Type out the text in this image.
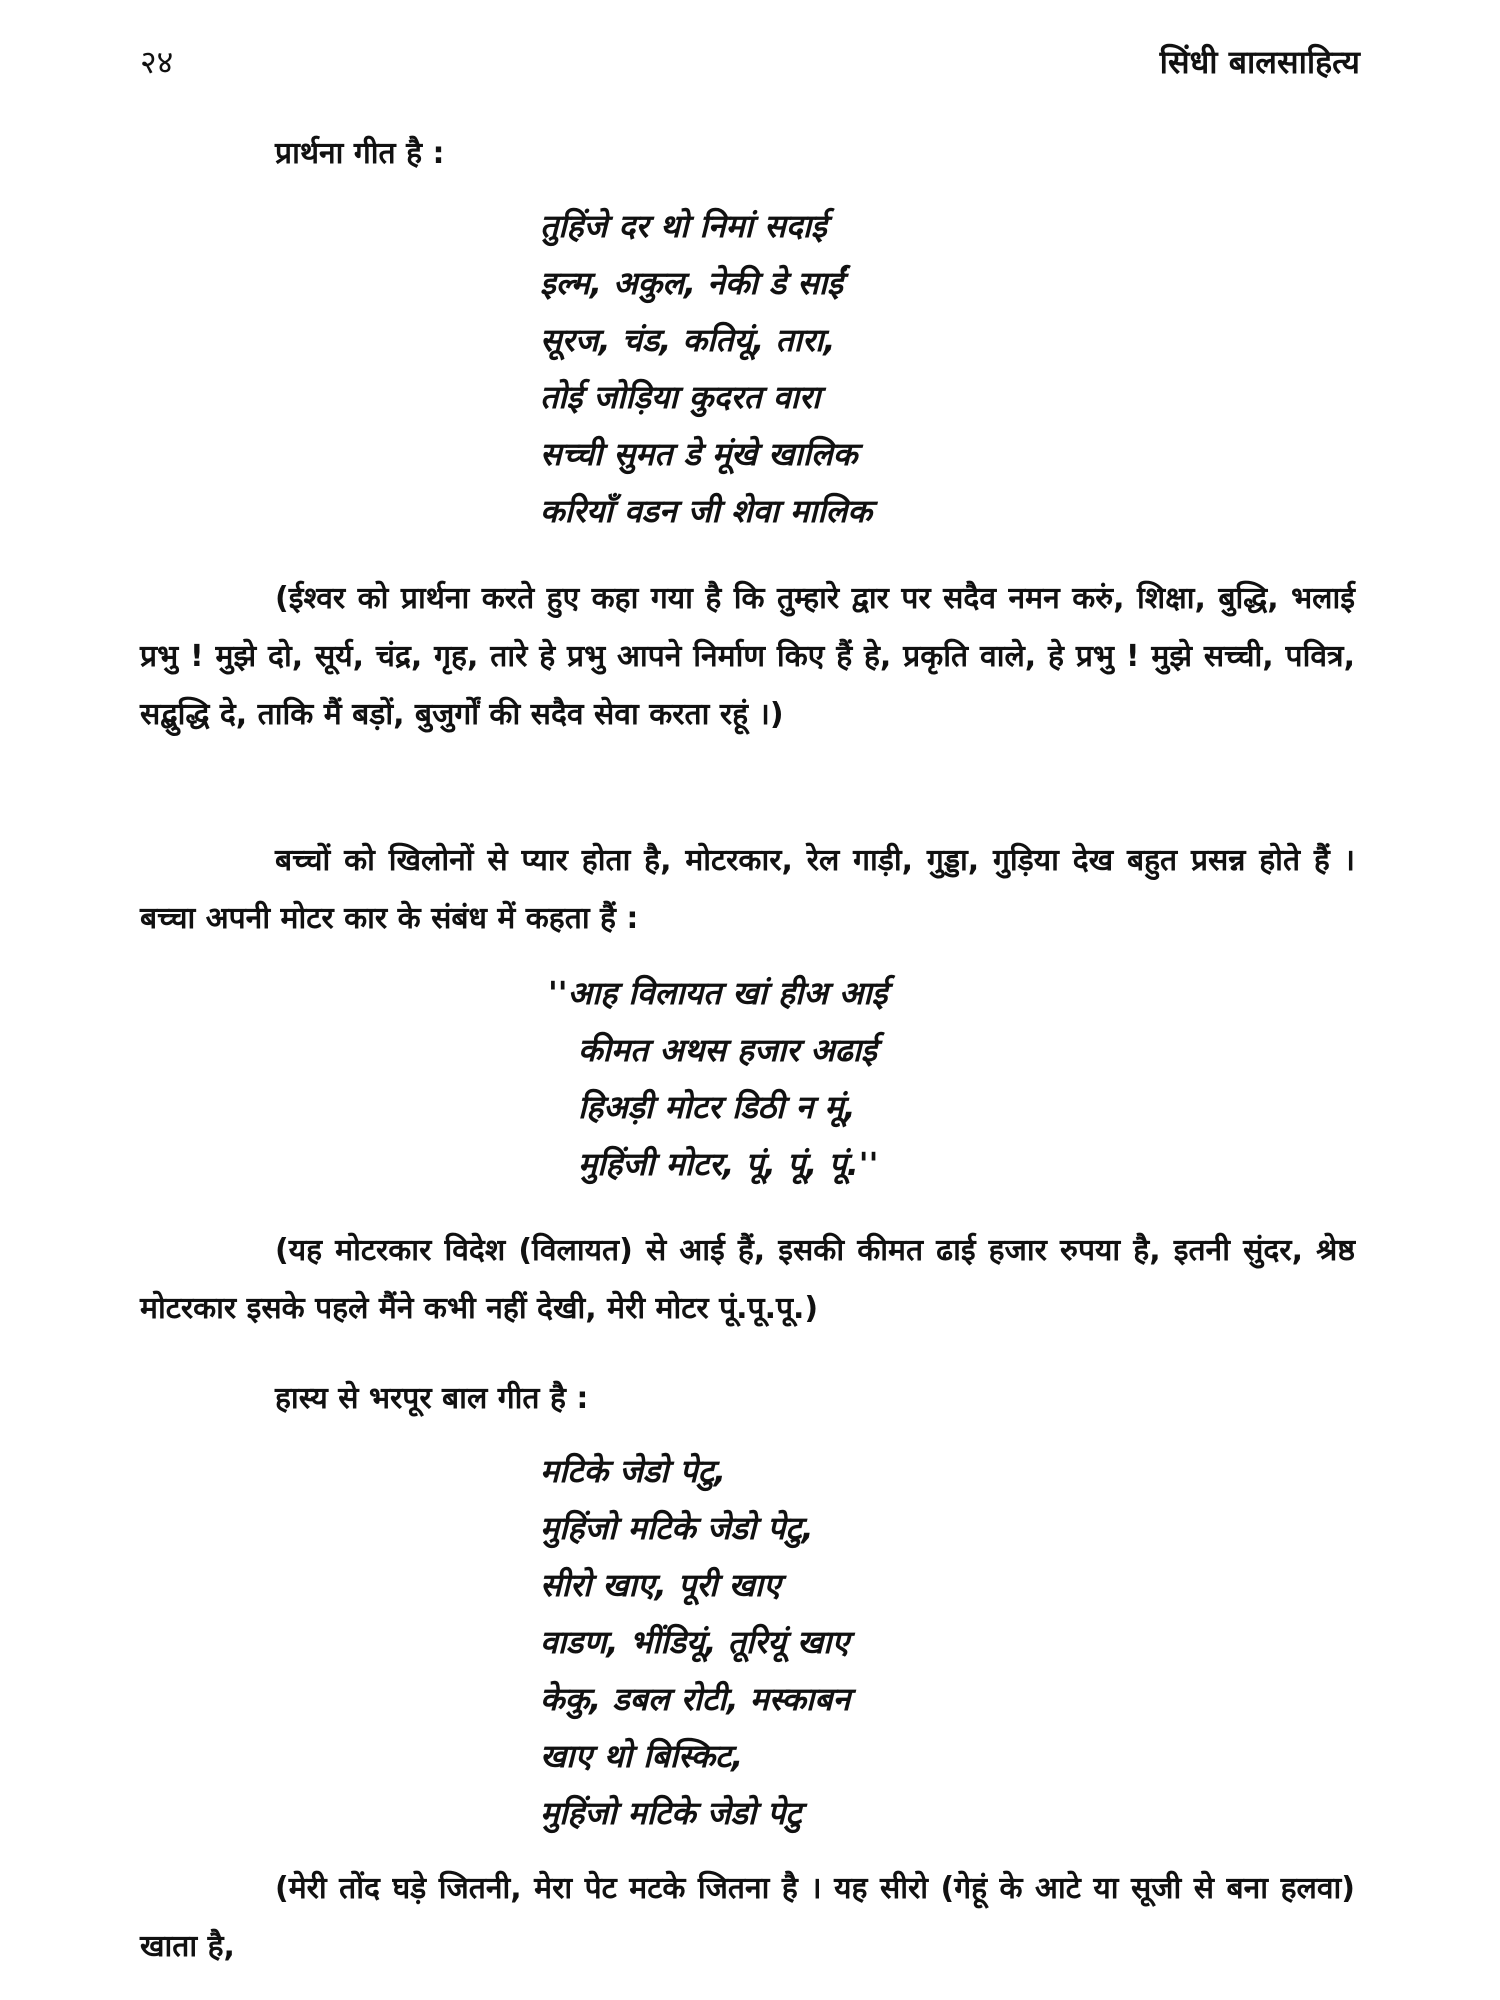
२४	सिंधी बालसाहित्य
प्रार्थना गीत है :
तुहिंजे दर थो निमां सदाई
इल्म, अकुल, नेकी डे साईं
सूरज, चंड, कतियूं, तारा,
तोई जोड़िया कुदरत वारा
सच्ची सुमत डे मूंखे खालिक
करियाँ वडन जी शेवा मालिक
(ईश्वर को प्रार्थना करते हुए कहा गया है कि तुम्हारे द्वार पर सदैव नमन करुं, शिक्षा, बुद्धि, भलाई प्रभु ! मुझे दो, सूर्य, चंद्र, गृह, तारे हे प्रभु आपने निर्माण किए हैं हे, प्रकृति वाले, हे प्रभु ! मुझे सच्ची, पवित्र, सद्बुद्धि दे, ताकि मैं बड़ों, बुजुर्गों की सदैव सेवा करता रहूं ।)
बच्चों को खिलोनों से प्यार होता है, मोटरकार, रेल गाड़ी, गुड्डा, गुड़िया देख बहुत प्रसन्न होते हैं । बच्चा अपनी मोटर कार के संबंध में कहता हैं :
''आह विलायत खां हीअ आई
कीमत अथस हजार अढाई
हिअड़ी मोटर डिठी न मूं,
मुहिंजी मोटर, पूं, पूं, पूं.''
(यह मोटरकार विदेश (विलायत) से आई हैं, इसकी कीमत ढाई हजार रुपया है, इतनी सुंदर, श्रेष्ठ मोटरकार इसके पहले मैंने कभी नहीं देखी, मेरी मोटर पूं.पू.पू.)
हास्य से भरपूर बाल गीत है :
मटिके जेडो पेटु,
मुहिंजो मटिके जेडो पेटु,
सीरो खाए, पूरी खाए
वाडण, भींडियूं, तूरियूं खाए
केकु, डबल रोटी, मस्काबन
खाए थो बिस्किट,
मुहिंजो मटिके जेडो पेटु
(मेरी तोंद घड़े जितनी, मेरा पेट मटके जितना है । यह सीरो (गेहूं के आटे या सूजी से बना हलवा) खाता है,
